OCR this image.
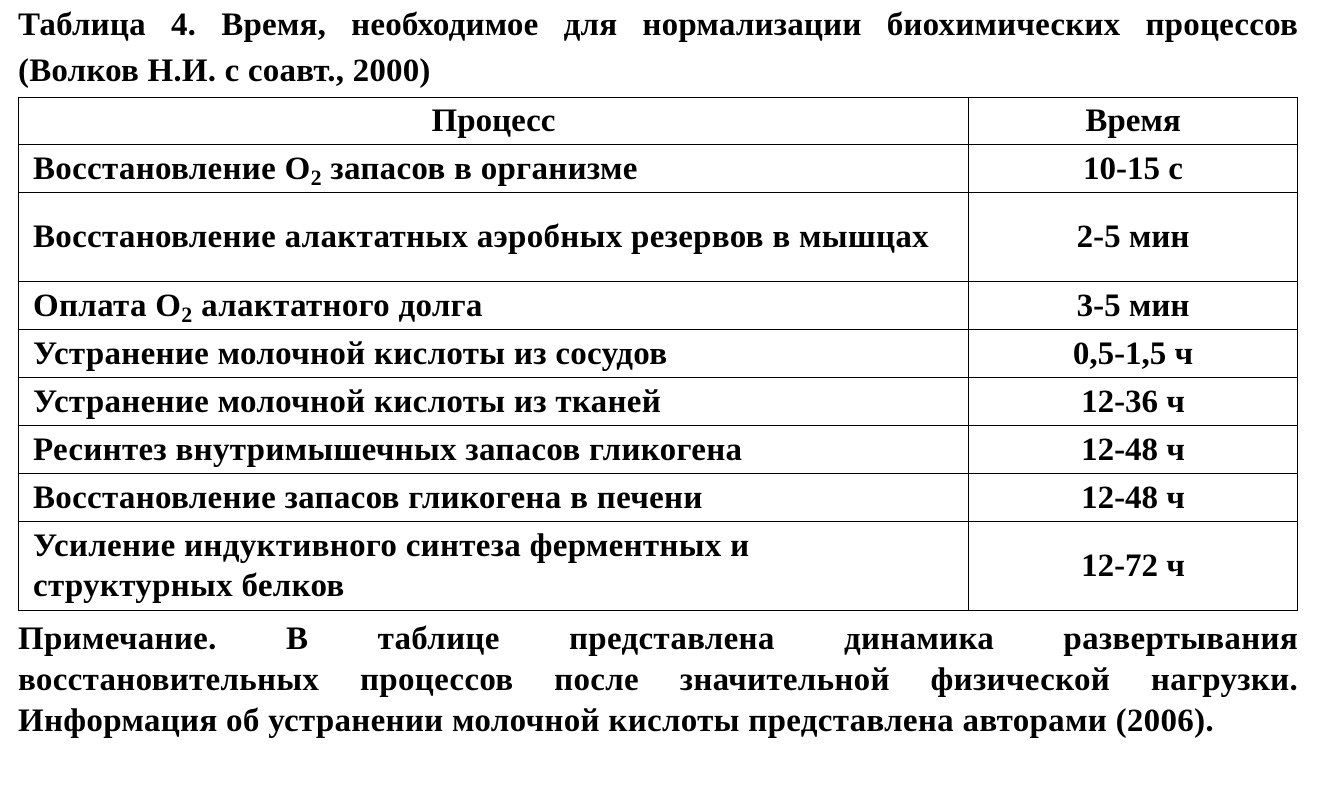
Таблица 4. Время, необходимое для нормализации биохимических процессов (Волков Н.И. с соавт., 2000)

Процесс	Время
Восстановление $O_2$ запасов в организме	10-15 с
Восстановление алактатных аэробных резервов в мышцах	2-5 мин
Оплата $O_2$ алактатного долга	3-5 мин
Устранение молочной кислоты из сосудов	0,5-1,5 ч
Устранение молочной кислоты из тканей	12-36 ч
Ресинтез внутримышечных запасов гликогена	12-48 ч
Восстановление запасов гликогена в печени	12-48 ч
Усиление индуктивного синтеза ферментных и структурных белков	12-72 ч

Примечание. В таблице представлена динамика развертывания восстановительных процессов после значительной физической нагрузки. Информация об устранении молочной кислоты представлена авторами (2006).
